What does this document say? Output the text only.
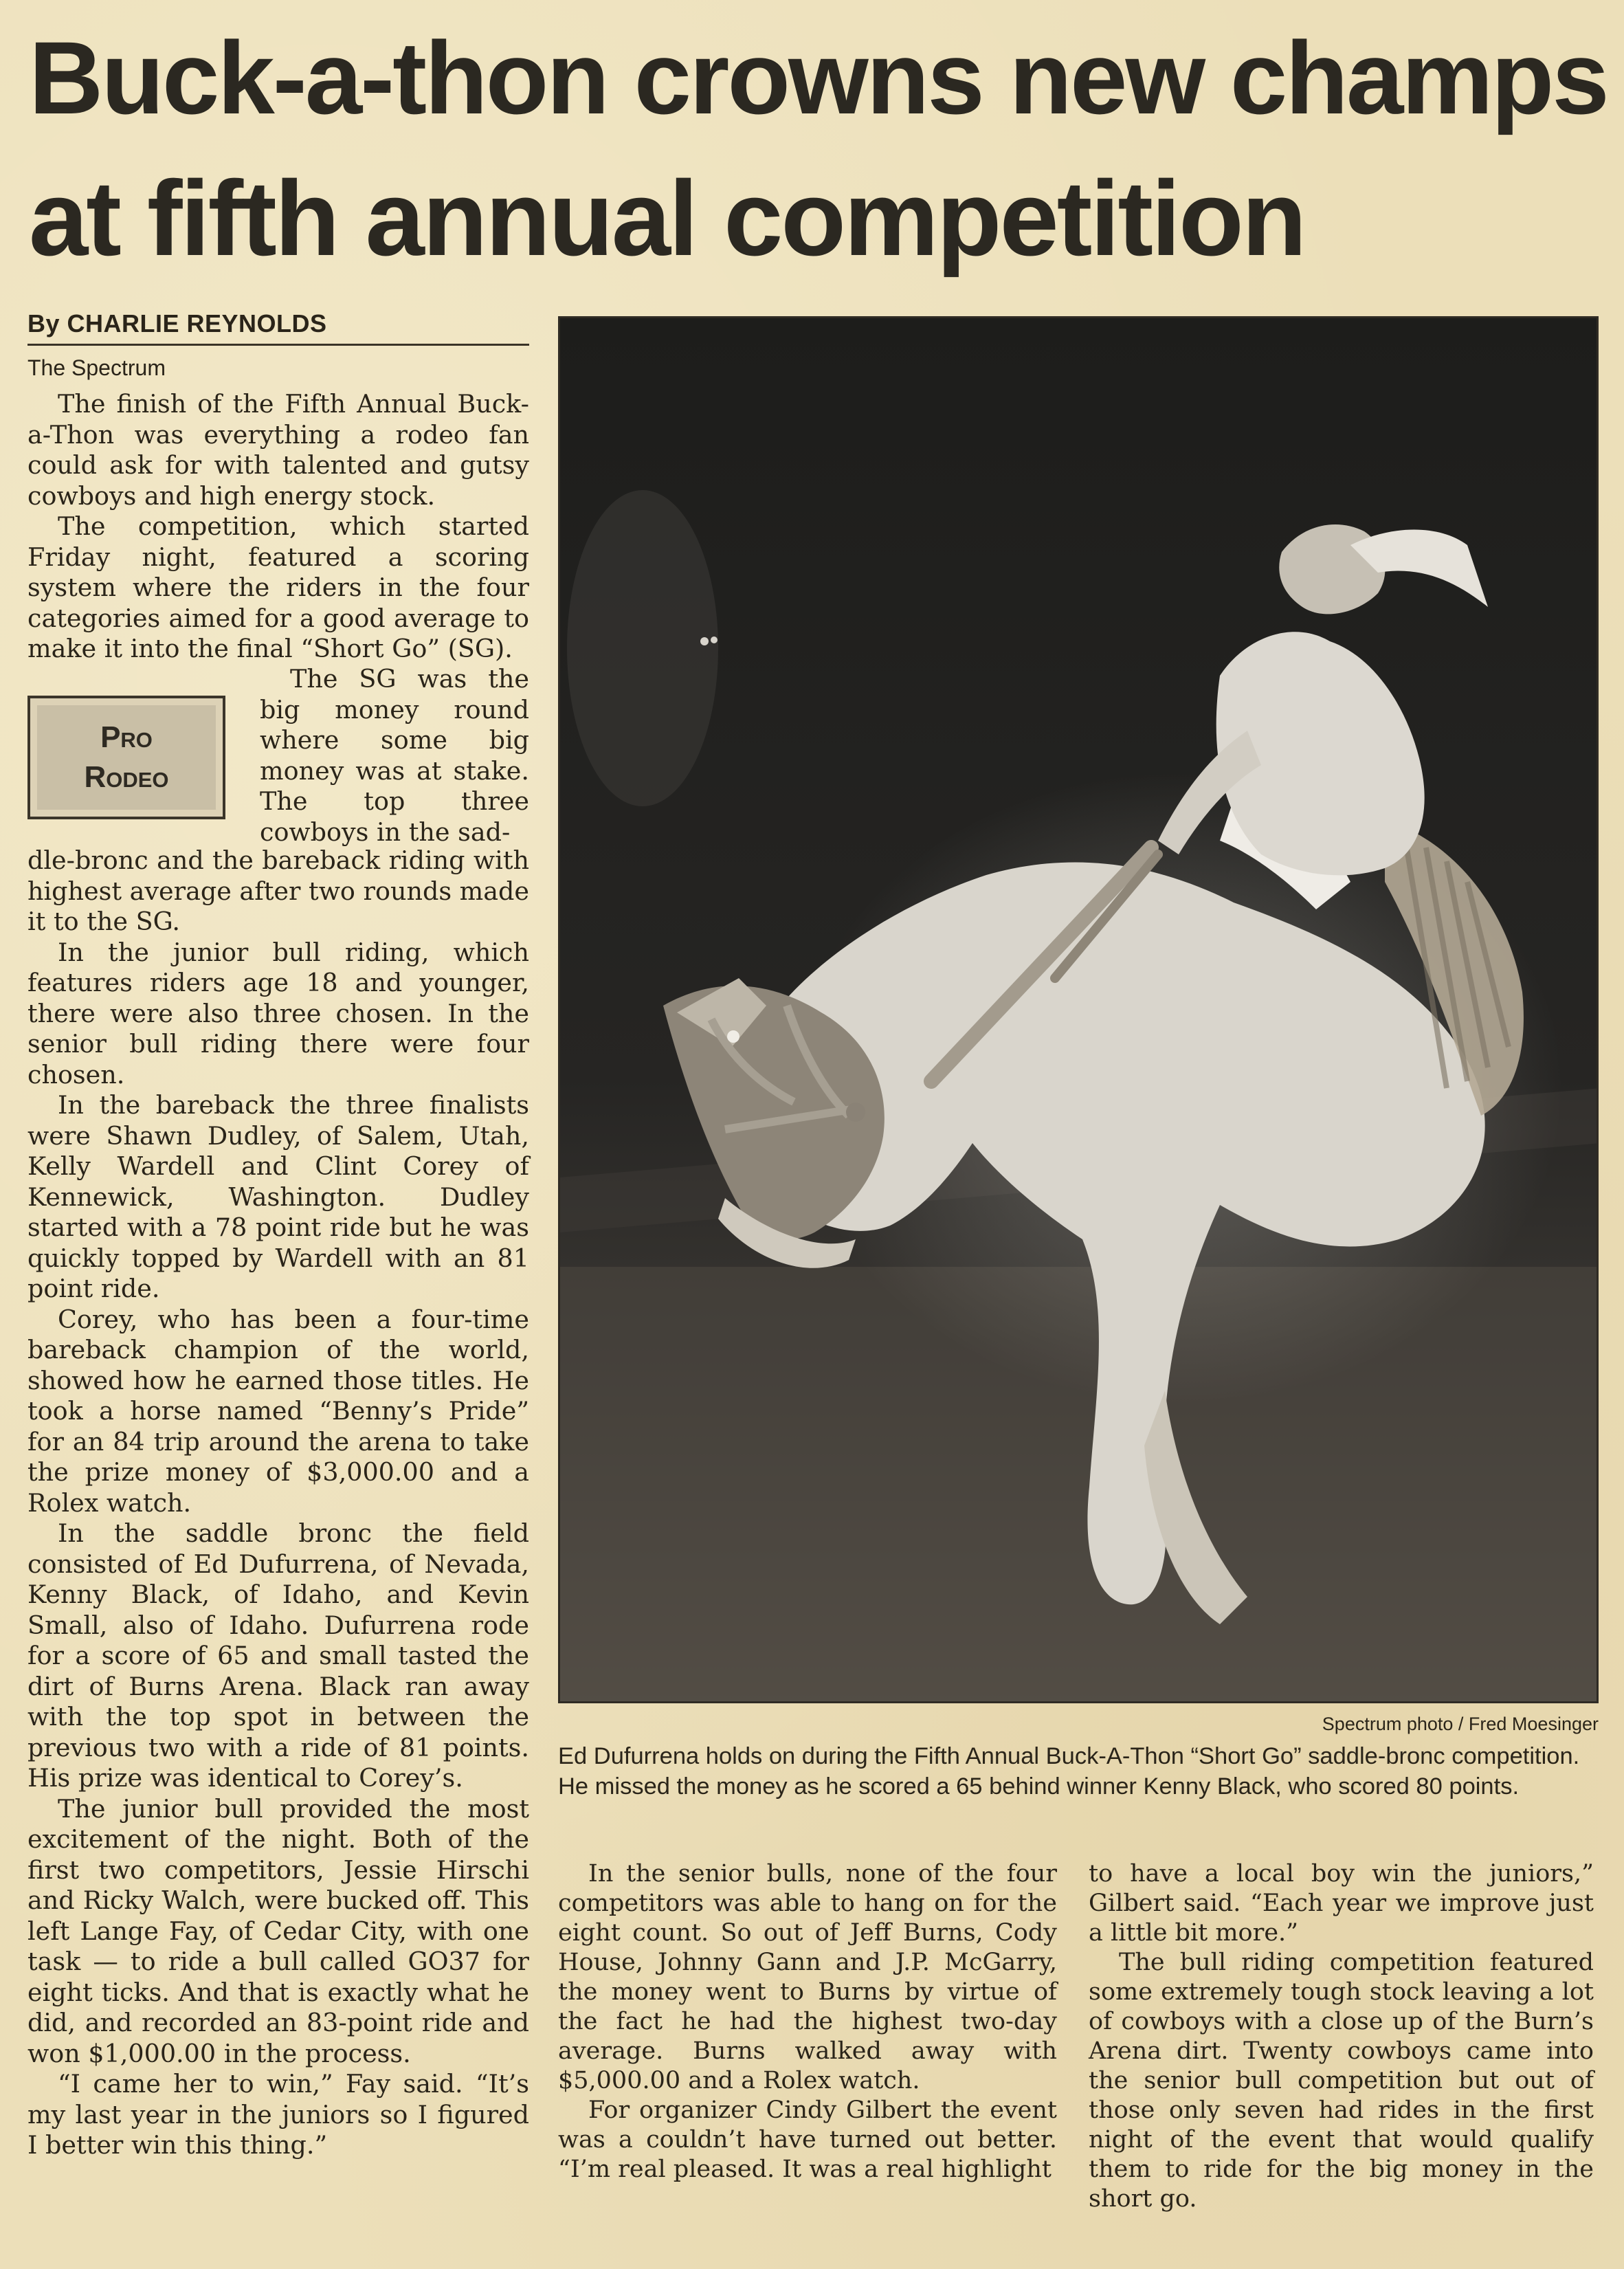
Buck-a-thon crowns new champs
at fifth annual competition
By CHARLIE REYNOLDS
The Spectrum

The finish of the Fifth Annual Buck-a-Thon was everything a rodeo fan could ask for with talented and gutsy cowboys and high energy stock.

The competition, which started Friday night, featured a scoring system where the riders in the four categories aimed for a good average to make it into the final “Short Go” (SG).

Pro
Rodeo

The SG was the big money round where some big money was at stake. The top three cowboys in the sad-

dle-bronc and the bareback riding with highest average after two rounds made it to the SG.

In the junior bull riding, which features riders age 18 and younger, there were also three chosen. In the senior bull riding there were four chosen.

In the bareback the three finalists were Shawn Dudley, of Salem, Utah, Kelly Wardell and Clint Corey of Kennewick, Washington. Dudley started with a 78 point ride but he was quickly topped by Wardell with an 81 point ride.

Corey, who has been a four-time bareback champion of the world, showed how he earned those titles. He took a horse named “Benny’s Pride” for an 84 trip around the arena to take the prize money of $3,000.00 and a Rolex watch.

In the saddle bronc the field consisted of Ed Dufurrena, of Nevada, Kenny Black, of Idaho, and Kevin Small, also of Idaho. Dufurrena rode for a score of 65 and small tasted the dirt of Burns Arena. Black ran away with the top spot in between the previous two with a ride of 81 points. His prize was identical to Corey’s.

The junior bull provided the most excitement of the night. Both of the first two competitors, Jessie Hirschi and Ricky Walch, were bucked off. This left Lange Fay, of Cedar City, with one task — to ride a bull called GO37 for eight ticks. And that is exactly what he did, and recorded an 83-point ride and won $1,000.00 in the process.

“I came her to win,” Fay said. “It’s my last year in the juniors so I figured I better win this thing.”

Spectrum photo / Fred Moesinger
Ed Dufurrena holds on during the Fifth Annual Buck-A-Thon “Short Go” saddle-bronc competition. He missed the money as he scored a 65 behind winner Kenny Black, who scored 80 points.

In the senior bulls, none of the four competitors was able to hang on for the eight count. So out of Jeff Burns, Cody House, Johnny Gann and J.P. McGarry, the money went to Burns by virtue of the fact he had the highest two-day average. Burns walked away with $5,000.00 and a Rolex watch.

For organizer Cindy Gilbert the event was a couldn’t have turned out better. “I’m real pleased. It was a real highlight

to have a local boy win the juniors,” Gilbert said. “Each year we improve just a little bit more.”

The bull riding competition featured some extremely tough stock leaving a lot of cowboys with a close up of the Burn’s Arena dirt. Twenty cowboys came into the senior bull competition but out of those only seven had rides in the first night of the event that would qualify them to ride for the big money in the short go.
